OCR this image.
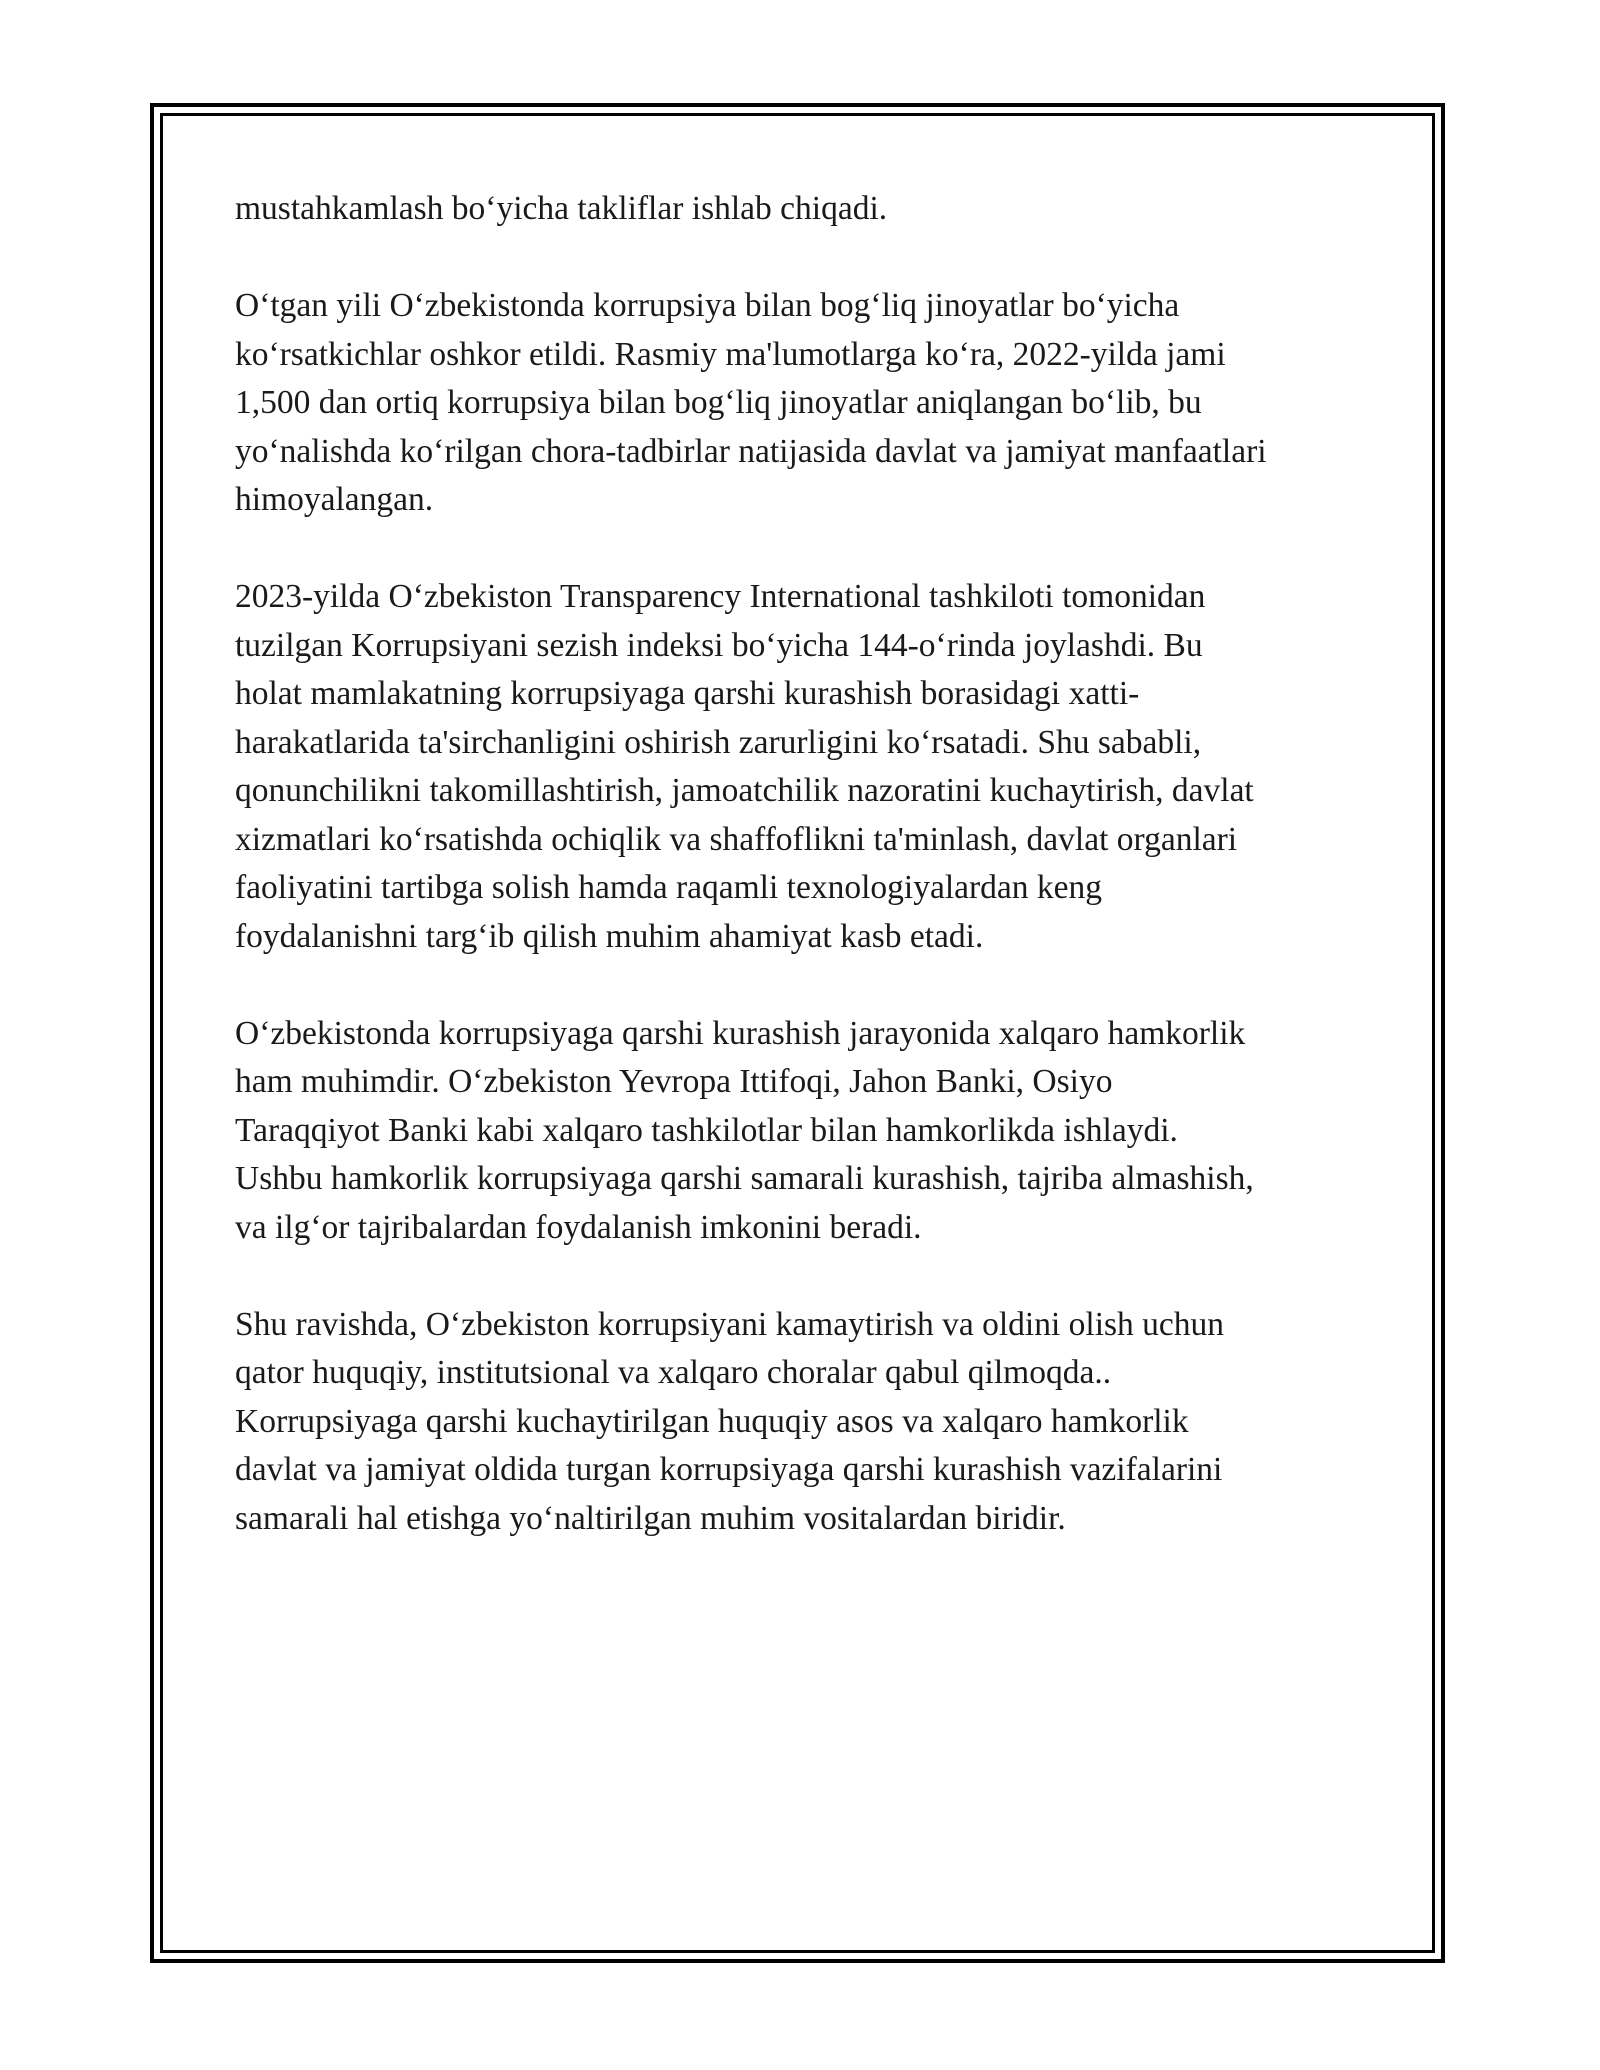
mustahkamlash bo‘yicha takliflar ishlab chiqadi.

O‘tgan yili O‘zbekistonda korrupsiya bilan bog‘liq jinoyatlar bo‘yicha
ko‘rsatkichlar oshkor etildi. Rasmiy ma'lumotlarga ko‘ra, 2022-yilda jami
1,500 dan ortiq korrupsiya bilan bog‘liq jinoyatlar aniqlangan bo‘lib, bu
yo‘nalishda ko‘rilgan chora-tadbirlar natijasida davlat va jamiyat manfaatlari
himoyalangan.

2023-yilda O‘zbekiston Transparency International tashkiloti tomonidan
tuzilgan Korrupsiyani sezish indeksi bo‘yicha 144-o‘rinda joylashdi. Bu
holat mamlakatning korrupsiyaga qarshi kurashish borasidagi xatti-
harakatlarida ta'sirchanligini oshirish zarurligini ko‘rsatadi. Shu sababli,
qonunchilikni takomillashtirish, jamoatchilik nazoratini kuchaytirish, davlat
xizmatlari ko‘rsatishda ochiqlik va shaffoflikni ta'minlash, davlat organlari
faoliyatini tartibga solish hamda raqamli texnologiyalardan keng
foydalanishni targ‘ib qilish muhim ahamiyat kasb etadi.

O‘zbekistonda korrupsiyaga qarshi kurashish jarayonida xalqaro hamkorlik
ham muhimdir. O‘zbekiston Yevropa Ittifoqi, Jahon Banki, Osiyo
Taraqqiyot Banki kabi xalqaro tashkilotlar bilan hamkorlikda ishlaydi.
Ushbu hamkorlik korrupsiyaga qarshi samarali kurashish, tajriba almashish,
va ilg‘or tajribalardan foydalanish imkonini beradi.

Shu ravishda, O‘zbekiston korrupsiyani kamaytirish va oldini olish uchun
qator huquqiy, institutsional va xalqaro choralar qabul qilmoqda..
Korrupsiyaga qarshi kuchaytirilgan huquqiy asos va xalqaro hamkorlik
davlat va jamiyat oldida turgan korrupsiyaga qarshi kurashish vazifalarini
samarali hal etishga yo‘naltirilgan muhim vositalardan biridir.
